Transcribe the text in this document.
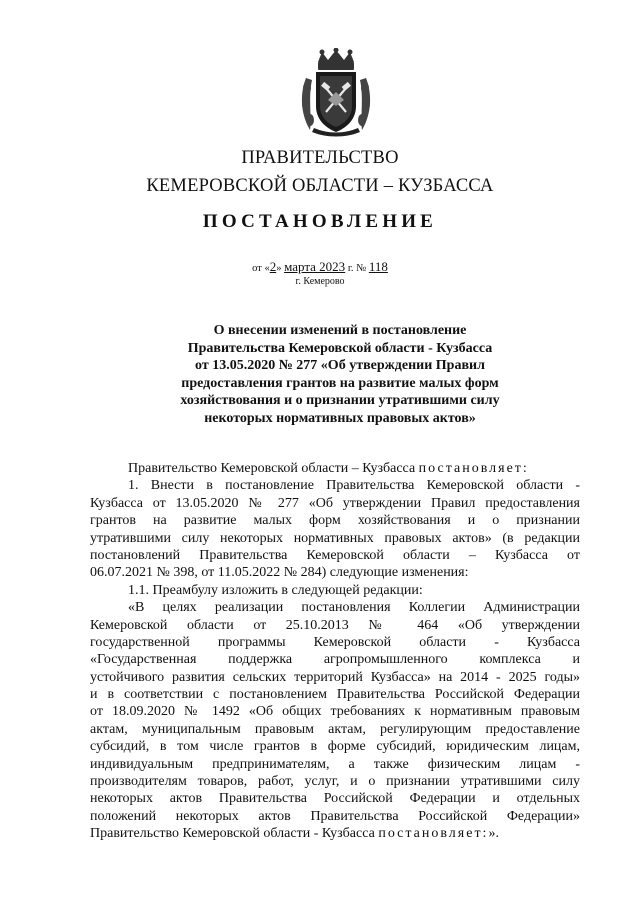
ПРАВИТЕЛЬСТВО
КЕМЕРОВСКОЙ ОБЛАСТИ – КУЗБАССА
ПОСТАНОВЛЕНИЕ
от «2» марта 2023 г. № 118
г. Кемерово
О внесении изменений в постановление
Правительства Кемеровской области - Кузбасса
от 13.05.2020 № 277 «Об утверждении Правил
предоставления грантов на развитие малых форм
хозяйствования и о признании утратившими силу
некоторых нормативных правовых актов»
Правительство Кемеровской области – Кузбасса постановляет:
1. Внести в постановление Правительства Кемеровской области -
Кузбасса от 13.05.2020 № 277 «Об утверждении Правил предоставления
грантов на развитие малых форм хозяйствования и о признании
утратившими силу некоторых нормативных правовых актов» (в редакции
постановлений Правительства Кемеровской области – Кузбасса от
06.07.2021 № 398, от 11.05.2022 № 284) следующие изменения:
1.1. Преамбулу изложить в следующей редакции:
«В целях реализации постановления Коллегии Администрации
Кемеровской области от 25.10.2013 № 464 «Об утверждении
государственной программы Кемеровской области - Кузбасса
«Государственная поддержка агропромышленного комплекса и
устойчивого развития сельских территорий Кузбасса» на 2014 - 2025 годы»
и в соответствии с постановлением Правительства Российской Федерации
от 18.09.2020 № 1492 «Об общих требованиях к нормативным правовым
актам, муниципальным правовым актам, регулирующим предоставление
субсидий, в том числе грантов в форме субсидий, юридическим лицам,
индивидуальным предпринимателям, а также физическим лицам -
производителям товаров, работ, услуг, и о признании утратившими силу
некоторых актов Правительства Российской Федерации и отдельных
положений некоторых актов Правительства Российской Федерации»
Правительство Кемеровской области - Кузбасса постановляет:».
